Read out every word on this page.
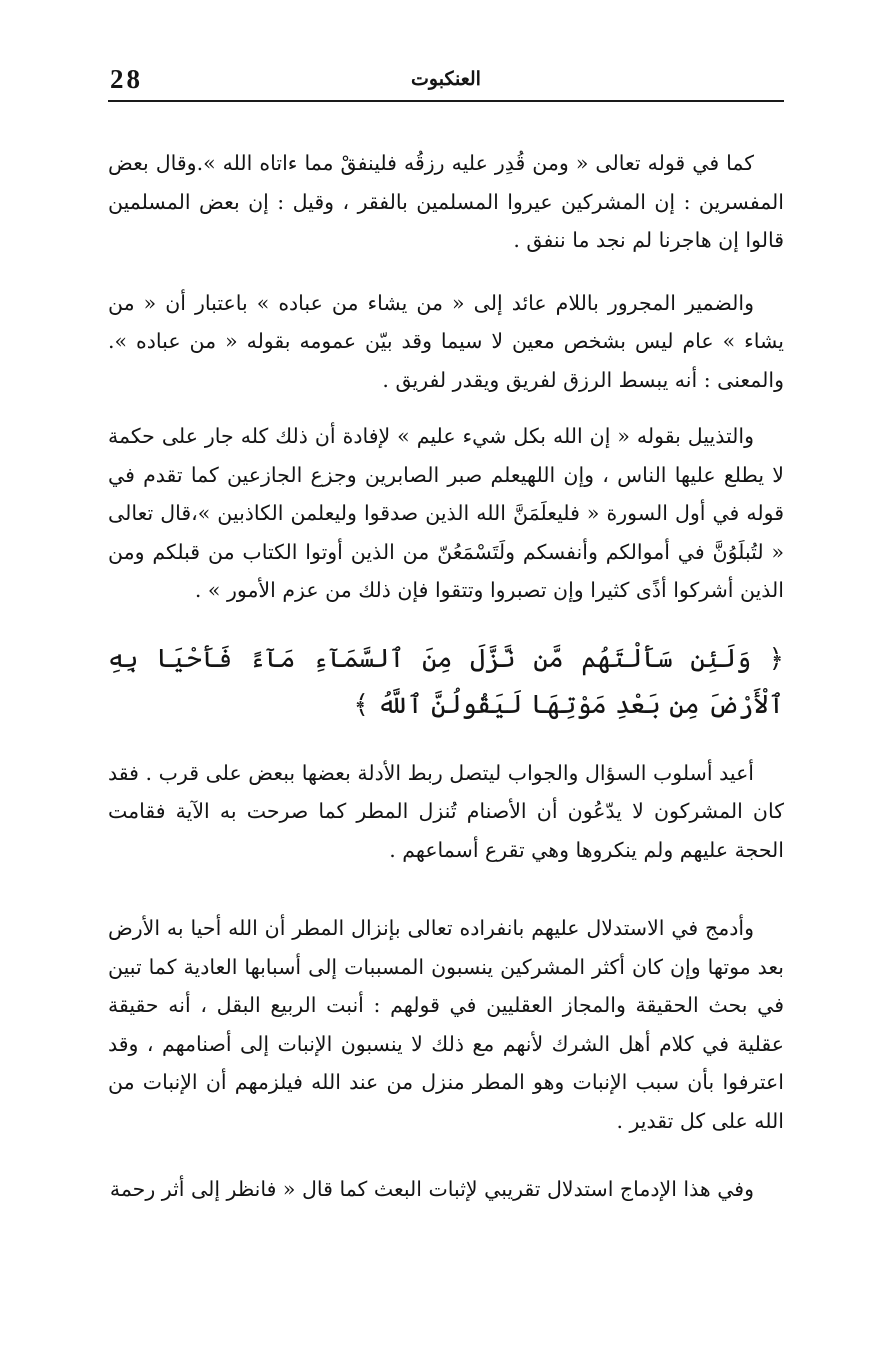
28	العنكبوت

كما في قوله تعالى « ومن قُدِر عليه رزقُه فلينفقْ مما ءاتاه الله ».وقال بعض المفسرين : إن المشركين عيروا المسلمين بالفقر ، وقيل : إن بعض المسلمين قالوا إن هاجرنا لم نجد ما ننفق .

والضمير المجرور باللام عائد إلى « من يشاء من عباده » باعتبار أن « من يشاء » عام ليس بشخص معين لا سيما وقد بيّن عمومه بقوله « من عباده ». والمعنى : أنه يبسط الرزق لفريق ويقدر لفريق .

والتذييل بقوله « إن الله بكل شيء عليم » لإفادة أن ذلك كله جار على حكمة لا يطلع عليها الناس ، وإن اللهيعلم صبر الصابرين وجزع الجازعين كما تقدم في قوله في أول السورة « فليعلَمَنَّ الله الذين صدقوا وليعلمن الكاذبين »،قال تعالى « لتُبلَوُنَّ في أموالكم وأنفسكم ولَتَسْمَعُنّ من الذين أوتوا الكتاب من قبلكم ومن الذين أشركوا أذًى كثيرا وإن تصبروا وتتقوا فإن ذلك من عزم الأمور » .

﴿ وَلَئِن سَأَلْتَهُم مَّن نَّزَّلَ مِنَ ٱلسَّمَآءِ مَآءً فَأَحْيَا بِهِ ٱلْأَرْضَ مِن بَعْدِ مَوْتِهَا لَيَقُولُنَّ ٱللَّهُ ﴾

أعيد أسلوب السؤال والجواب ليتصل ربط الأدلة بعضها ببعض على قرب . فقد كان المشركون لا يدّعُون أن الأصنام تُنزل المطر كما صرحت به الآية فقامت الحجة عليهم ولم ينكروها وهي تقرع أسماعهم .

وأدمج في الاستدلال عليهم بانفراده تعالى بإنزال المطر أن الله أحيا به الأرض بعد موتها وإن كان أكثر المشركين ينسبون المسببات إلى أسبابها العادية كما تبين في بحث الحقيقة والمجاز العقليين في قولهم : أنبت الربيع البقل ، أنه حقيقة عقلية في كلام أهل الشرك لأنهم مع ذلك لا ينسبون الإنبات إلى أصنامهم ، وقد اعترفوا بأن سبب الإنبات وهو المطر منزل من عند الله فيلزمهم أن الإنبات من الله على كل تقدير .

وفي هذا الإدماج استدلال تقريبي لإثبات البعث كما قال « فانظر إلى أثر رحمة
